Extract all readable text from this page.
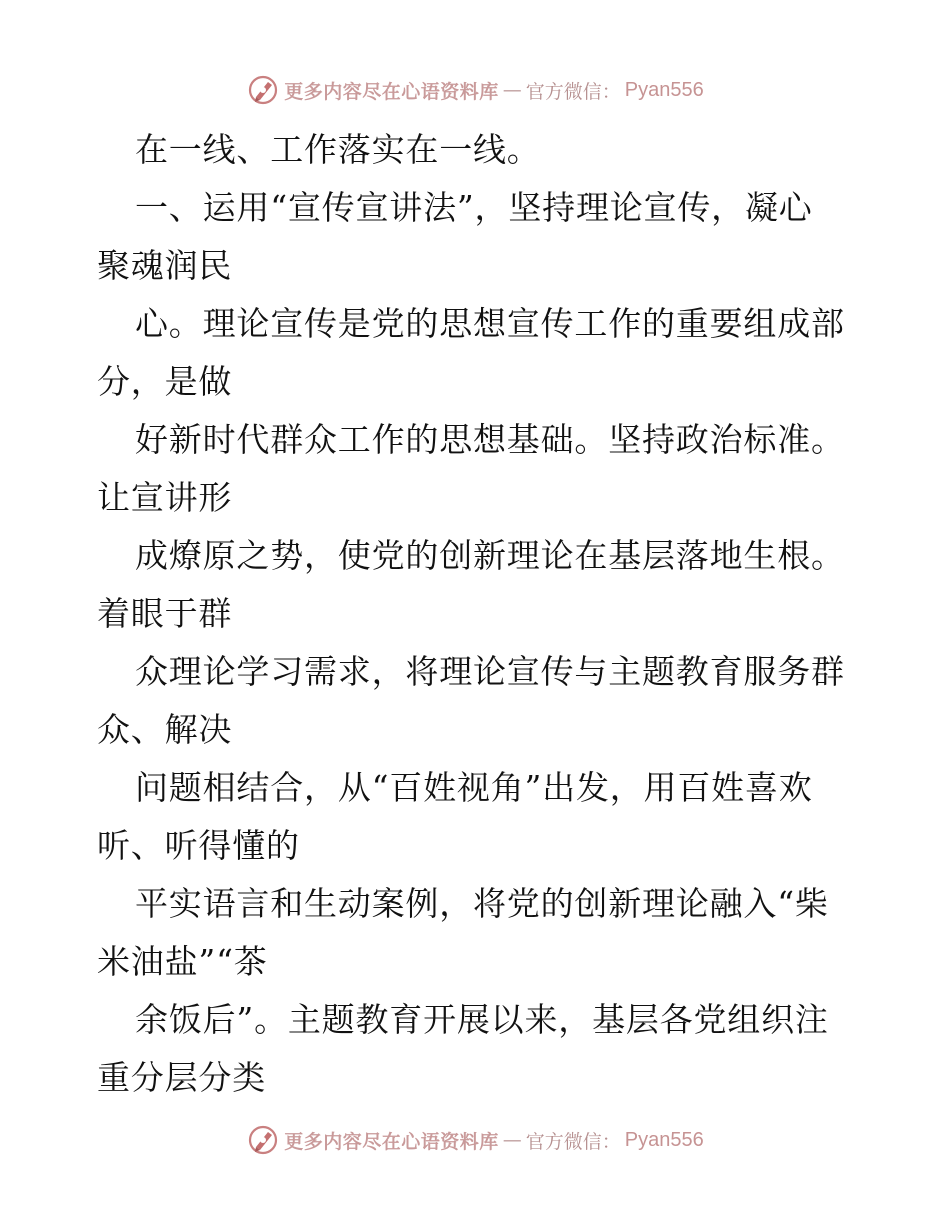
更多内容尽在心语资料库 — 官方微信： Pyan556
在一线、工作落实在一线。
一、运用“宣传宣讲法”，坚持理论宣传，凝心
聚魂润民
心。理论宣传是党的思想宣传工作的重要组成部
分，是做
好新时代群众工作的思想基础。坚持政治标准。
让宣讲形
成燎原之势，使党的创新理论在基层落地生根。
着眼于群
众理论学习需求，将理论宣传与主题教育服务群
众、解决
问题相结合，从“百姓视角”出发，用百姓喜欢
听、听得懂的
平实语言和生动案例，将党的创新理论融入“柴
米油盐”“茶
余饭后”。主题教育开展以来，基层各党组织注
重分层分类
更多内容尽在心语资料库 — 官方微信： Pyan556
